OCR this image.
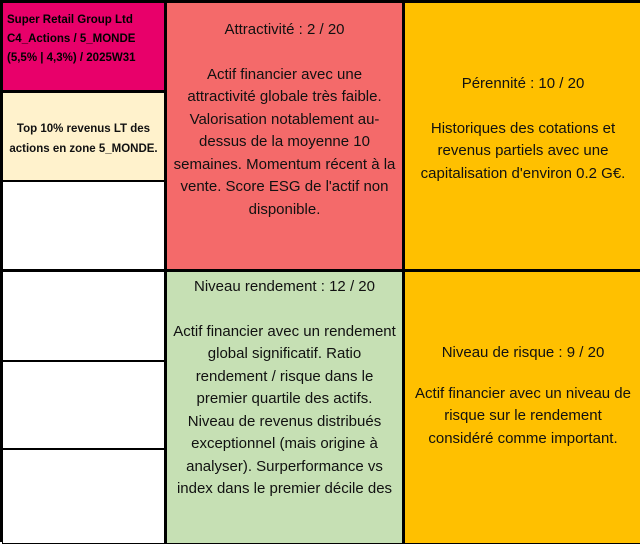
Super Retail Group Ltd
C4_Actions / 5_MONDE
(5,5% | 4,3%) / 2025W31
Top 10% revenus LT des actions en zone 5_MONDE.
Attractivité : 2 / 20
Actif financier avec une attractivité globale très faible. Valorisation notablement au-dessus de la moyenne 10 semaines. Momentum récent à la vente. Score ESG de l'actif non disponible.
Pérennité : 10 / 20
Historiques des cotations et revenus partiels avec une capitalisation d'environ 0.2 G€.
Niveau rendement : 12 / 20
Actif financier avec un rendement global significatif. Ratio rendement / risque dans le premier quartile des actifs. Niveau de revenus distribués exceptionnel (mais origine à analyser). Surperformance vs index dans le premier décile des
Niveau de risque : 9 / 20
Actif financier avec un niveau de risque sur le rendement considéré comme important.
